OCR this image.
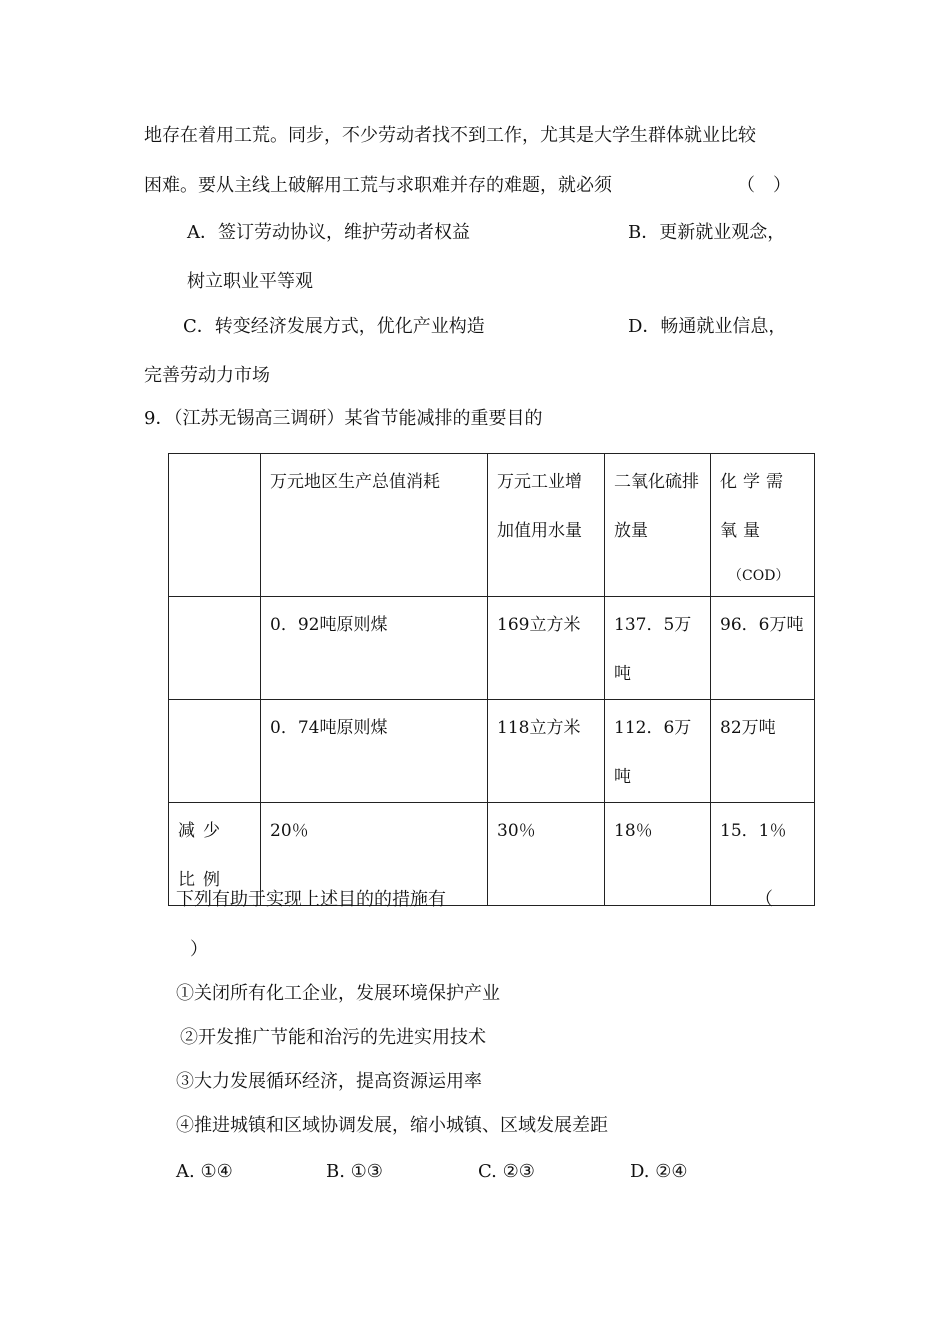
地存在着用工荒。同步，不少劳动者找不到工作，尤其是大学生群体就业比较
困难。要从主线上破解用工荒与求职难并存的难题，就必须	（　）
A．签订劳动协议，维护劳动者权益	B．更新就业观念，
树立职业平等观
C．转变经济发展方式，优化产业构造	D．畅通就业信息，
完善劳动力市场
9．（江苏无锡高三调研）某省节能减排的重要目的
	万元地区生产总值消耗	万元工业增加值用水量	二氧化硫排放量	化学需氧量
（COD）

	0．92吨原则煤	169立方米	137．5万吨	96．6万吨
	0．74吨原则煤	118立方米	112．6万吨	82万吨
减少比例	20％	30％	18％	15．1％
下列有助于实现上述目的的措施有	（
）
①关闭所有化工企业，发展环境保护产业
②开发推广节能和治污的先进实用技术
③大力发展循环经济，提高资源运用率
④推进城镇和区域协调发展，缩小城镇、区域发展差距
A. ①④	B. ①③	C. ②③	D. ②④
